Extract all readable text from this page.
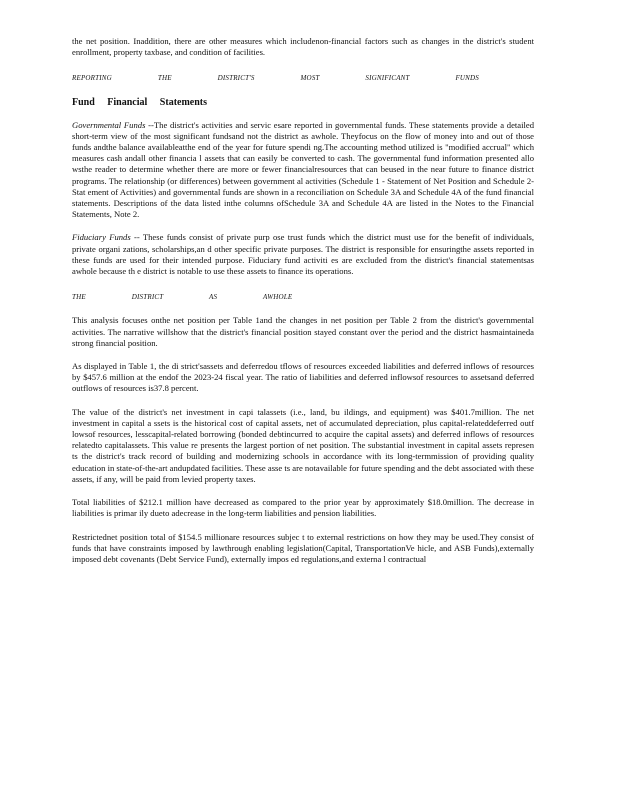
the net position. Inaddition, there are other measures which includenon-financial factors such as changes in the district's student enrollment, property taxbase, and condition of facilities.

REPORTING THE DISTRICT'S MOST SIGNIFICANT FUNDS

Fund Financial Statements

Governmental Funds --The district's activities and servic esare reported in governmental funds. These statements provide a detailed short-term view of the most significant fundsand not the district as awhole. Theyfocus on the flow of money into and out of those funds andthe balance availableatthe end of the year for future spendi ng.The accounting method utilized is "modified accrual" which measures cash andall other financia l assets that can easily be converted to cash. The governmental fund information presented allo wsthe reader to determine whether there are more or fewer financialresources that can beused in the near future to finance district programs. The relationship (or differences) between government al activities (Schedule 1 - Statement of Net Position and Schedule 2- Stat ement of Activities) and governmental funds are shown in a reconciliation on Schedule 3A and Schedule 4A of the fund financial statements. Descriptions of the data listed inthe columns ofSchedule 3A and Schedule 4A are listed in the Notes to the Financial Statements, Note 2.

Fiduciary Funds -- These funds consist of private purp ose trust funds which the district must use for the benefit of individuals, private organi zations, scholarships,an d other specific private purposes. The district is responsible for ensuringthe assets reported in these funds are used for their intended purpose. Fiduciary fund activiti es are excluded from the district's financial statementsas awhole because th e district is notable to use these assets to finance its operations.

THE DISTRICT AS AWHOLE

This analysis focuses onthe net position per Table 1and the changes in net position per Table 2 from the district's governmental activities. The narrative willshow that the district's financial position stayed constant over the period and the district hasmaintaineda strong financial position.

As displayed in Table 1, the di strict'sassets and deferredou tflows of resources exceeded liabilities and deferred inflows of resources by $457.6 million at the endof the 2023-24 fiscal year. The ratio of liabilities and deferred inflowsof resources to assetsand deferred outflows of resources is37.8 percent.

The value of the district's net investment in capi talassets (i.e., land, bu ildings, and equipment) was $401.7million. The net investment in capital a ssets is the historical cost of capital assets, net of accumulated depreciation, plus capital-relateddeferred outf lowsof resources, lesscapital-related borrowing (bonded debtincurred to acquire the capital assets) and deferred inflows of resources relatedto capitalassets. This value re presents the largest portion of net position. The substantial investment in capital assets represen ts the district's track record of building and modernizing schools in accordance with its long-termmission of providing quality education in state-of-the-art andupdated facilities. These asse ts are notavailable for future spending and the debt associated with these assets, if any, will be paid from levied property taxes.

Total liabilities of $212.1 million have decreased as compared to the prior year by approximately $18.0million. The decrease in liabilities is primar ily dueto adecrease in the long-term liabilities and pension liabilities.

Restrictednet position total of $154.5 millionare resources subjec t to external restrictions on how they may be used.They consist of funds that have constraints imposed by lawthrough enabling legislation(Capital, TransportationVe hicle, and ASB Funds),externally imposed debt covenants (Debt Service Fund), externally impos ed regulations,and externa l contractual
